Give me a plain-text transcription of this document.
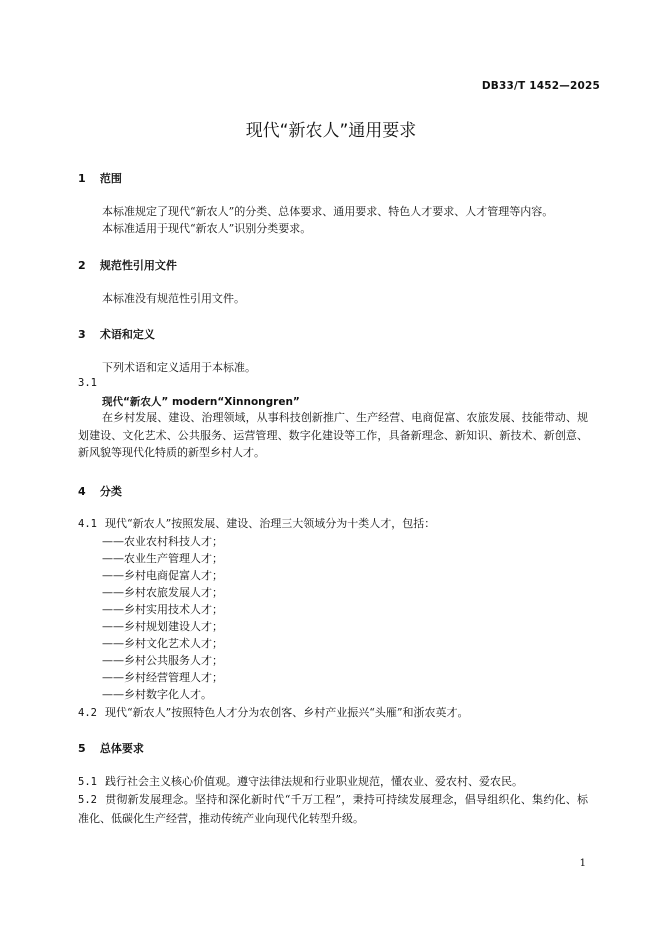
DB33/T 1452—2025
现代“新农人”通用要求
1 范围
本标准规定了现代“新农人”的分类、总体要求、通用要求、特色人才要求、人才管理等内容。
本标准适用于现代“新农人”识别分类要求。
2 规范性引用文件
本标准没有规范性引用文件。
3 术语和定义
下列术语和定义适用于本标准。
3.1
现代“新农人” modern“Xinnongren”
在乡村发展、建设、治理领域，从事科技创新推广、生产经营、电商促富、农旅发展、技能带动、规划建设、文化艺术、公共服务、运营管理、数字化建设等工作，具备新理念、新知识、新技术、新创意、新风貌等现代化特质的新型乡村人才。
4 分类
4.1 现代“新农人”按照发展、建设、治理三大领域分为十类人才，包括：
——农业农村科技人才；
——农业生产管理人才；
——乡村电商促富人才；
——乡村农旅发展人才；
——乡村实用技术人才；
——乡村规划建设人才；
——乡村文化艺术人才；
——乡村公共服务人才；
——乡村经营管理人才；
——乡村数字化人才。
4.2 现代“新农人”按照特色人才分为农创客、乡村产业振兴“头雁”和浙农英才。
5 总体要求
5.1 践行社会主义核心价值观。遵守法律法规和行业职业规范，懂农业、爱农村、爱农民。
5.2 贯彻新发展理念。坚持和深化新时代“千万工程”，秉持可持续发展理念，倡导组织化、集约化、标准化、低碳化生产经营，推动传统产业向现代化转型升级。
1
